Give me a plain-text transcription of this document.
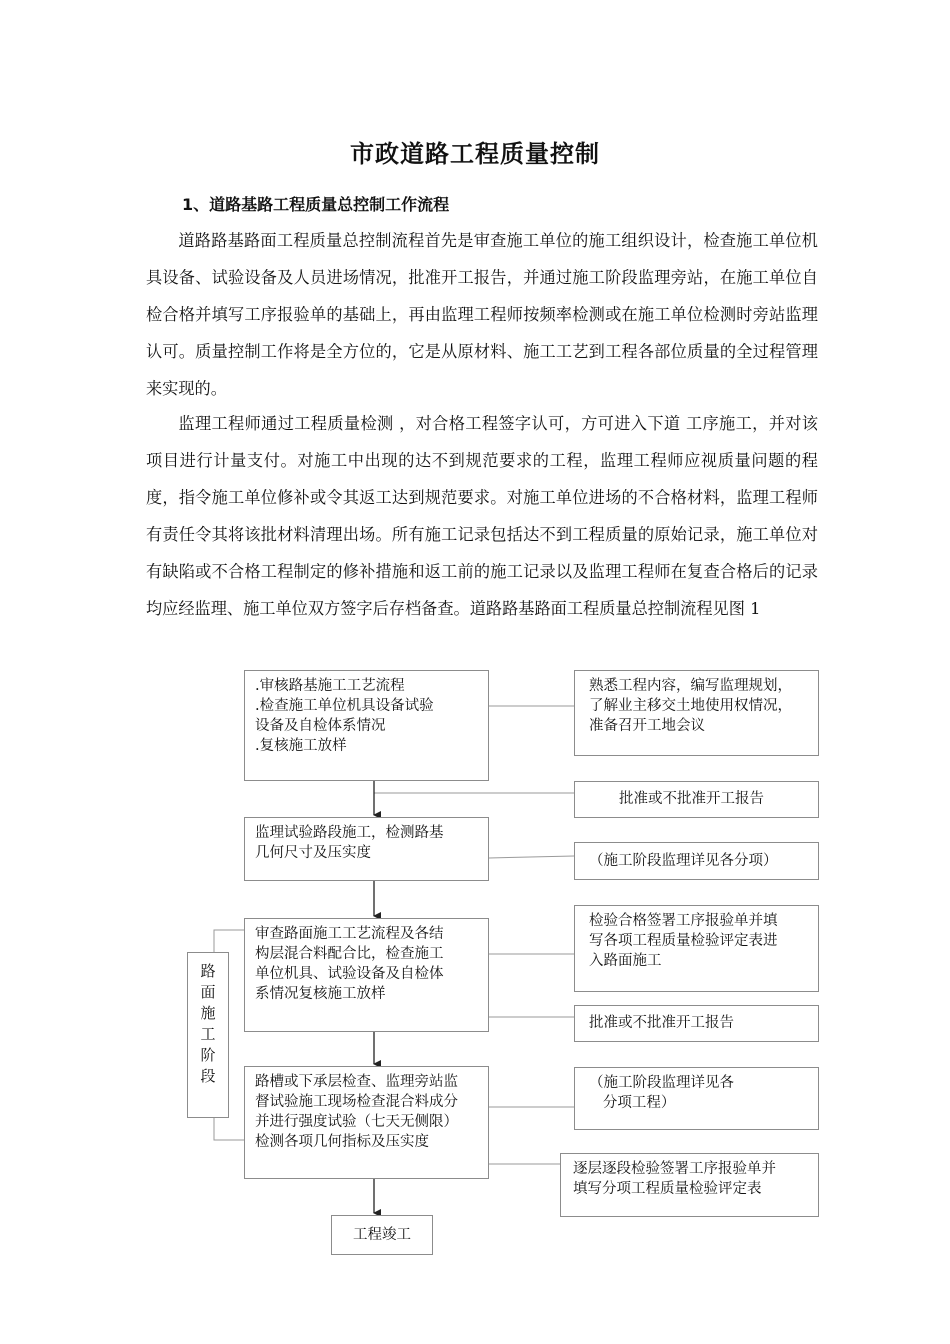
市政道路工程质量控制
1、道路基路工程质量总控制工作流程

道路路基路面工程质量总控制流程首先是审查施工单位的施工组织设计，检查施工单位机具设备、试验设备及人员进场情况，批准开工报告，并通过施工阶段监理旁站，在施工单位自检合格并填写工序报验单的基础上，再由监理工程师按频率检测或在施工单位检测时旁站监理认可。质量控制工作将是全方位的，它是从原材料、施工工艺到工程各部位质量的全过程管理来实现的。

监理工程师通过工程质量检测 ，对合格工程签字认可，方可进入下道 工序施工，并对该项目进行计量支付。对施工中出现的达不到规范要求的工程，监理工程师应视质量问题的程度，指令施工单位修补或令其返工达到规范要求。对施工单位进场的不合格材料，监理工程师有责任令其将该批材料清理出场。所有施工记录包括达不到工程质量的原始记录，施工单位对有缺陷或不合格工程制定的修补措施和返工前的施工记录以及监理工程师在复查合格后的记录均应经监理、施工单位双方签字后存档备查。道路路基路面工程质量总控制流程见图 1

.审核路基施工工艺流程
.检查施工单位机具设备试验
设备及自检体系情况
.复核施工放样
监理试验路段施工，检测路基
几何尺寸及压实度
审查路面施工工艺流程及各结
构层混合料配合比，检查施工
单位机具、试验设备及自检体
系情况复核施工放样
路槽或下承层检查、监理旁站监
督试验施工现场检查混合料成分
并进行强度试验（七天无侧限）
检测各项几何指标及压实度
工程竣工
熟悉工程内容，编写监理规划，
了解业主移交土地使用权情况，
准备召开工地会议
批准或不批准开工报告
（施工阶段监理详见各分项）
检验合格签署工序报验单并填
写各项工程质量检验评定表进
入路面施工
批准或不批准开工报告
（施工阶段监理详见各
分项工程）
逐层逐段检验签署工序报验单并
填写分项工程质量检验评定表
路
面
施
工
阶
段
